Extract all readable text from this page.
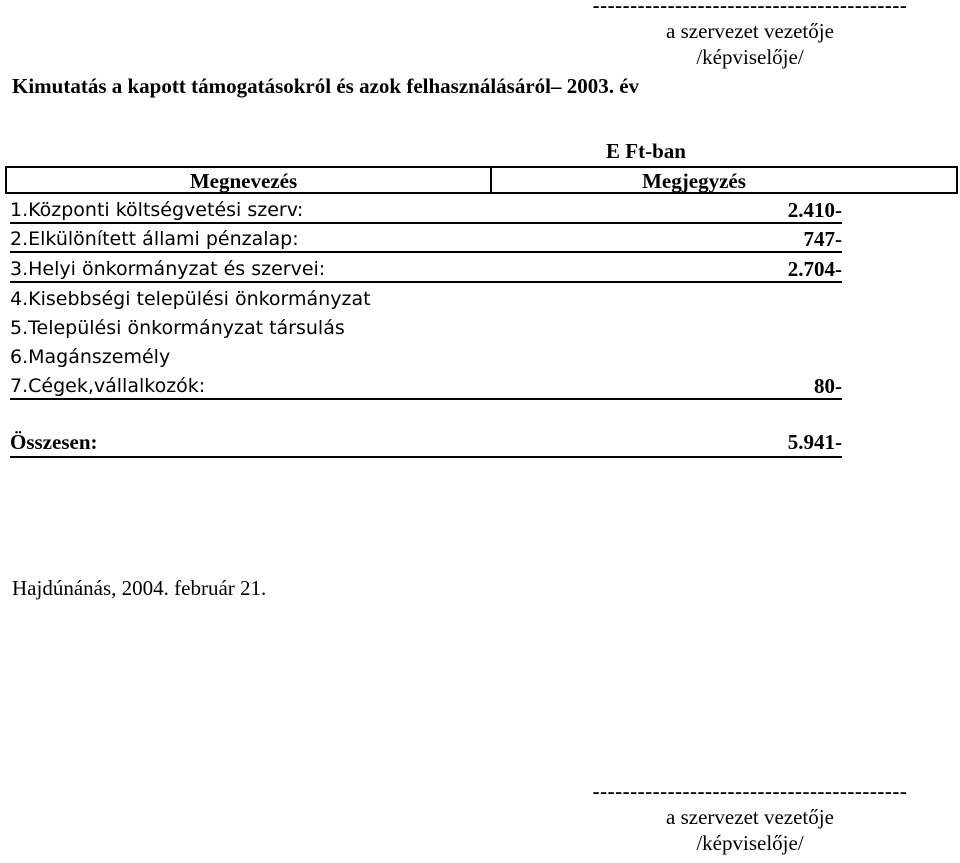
------------------------------------------
a szervezet vezetője
/képviselője/
Kimutatás a kapott támogatásokról és azok felhasználásáról– 2003. év
E Ft-ban
Megnevezés	Megjegyzés
1.Központi költségvetési szerv:	2.410-
2.Elkülönített állami pénzalap:	747-
3.Helyi önkormányzat és szervei:	2.704-
4.Kisebbségi települési önkormányzat
5.Települési önkormányzat társulás
6.Magánszemély
7.Cégek,vállalkozók:	80-
Összesen:	5.941-
Hajdúnánás, 2004. február 21.
------------------------------------------
a szervezet vezetője
/képviselője/
